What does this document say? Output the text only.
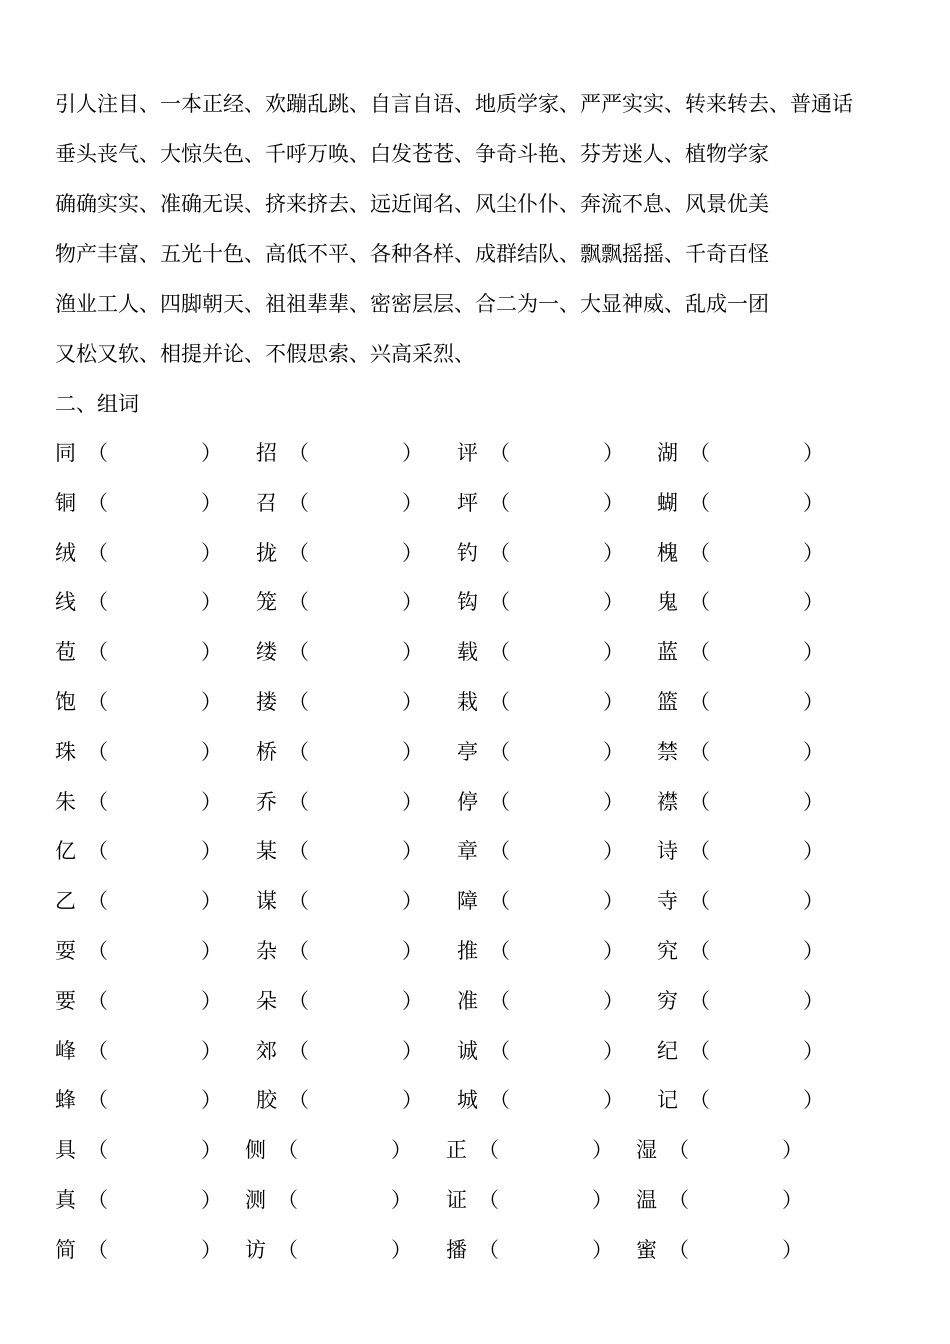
引人注目、一本正经、欢蹦乱跳、自言自语、地质学家、严严实实、转来转去、普通话
垂头丧气、大惊失色、千呼万唤、白发苍苍、争奇斗艳、芬芳迷人、植物学家
确确实实、准确无误、挤来挤去、远近闻名、风尘仆仆、奔流不息、风景优美
物产丰富、五光十色、高低不平、各种各样、成群结队、飘飘摇摇、千奇百怪
渔业工人、四脚朝天、祖祖辈辈、密密层层、合二为一、大显神威、乱成一团
又松又软、相提并论、不假思索、兴高采烈、
二、组词
同 （	） 招 （	） 评 （	） 湖 （	）
铜 （	） 召 （	） 坪 （	） 蝴 （	）
绒 （	） 拢 （	） 钓 （	） 槐 （	）
线 （	） 笼 （	） 钩 （	） 鬼 （	）
苞 （	） 缕 （	） 载 （	） 蓝 （	）
饱 （	） 搂 （	） 栽 （	） 篮 （	）
珠 （	） 桥 （	） 亭 （	） 禁 （	）
朱 （	） 乔 （	） 停 （	） 襟 （	）
亿 （	） 某 （	） 章 （	） 诗 （	）
乙 （	） 谋 （	） 障 （	） 寺 （	）
耍 （	） 杂 （	） 推 （	） 究 （	）
要 （	） 朵 （	） 准 （	） 穷 （	）
峰 （	） 郊 （	） 诚 （	） 纪 （	）
蜂 （	） 胶 （	） 城 （	） 记 （	）
具 （	） 侧 （	） 正 （	） 湿 （	）
真 （	） 测 （	） 证 （	） 温 （	）
简 （	） 访 （	） 播 （	） 蜜 （	）
